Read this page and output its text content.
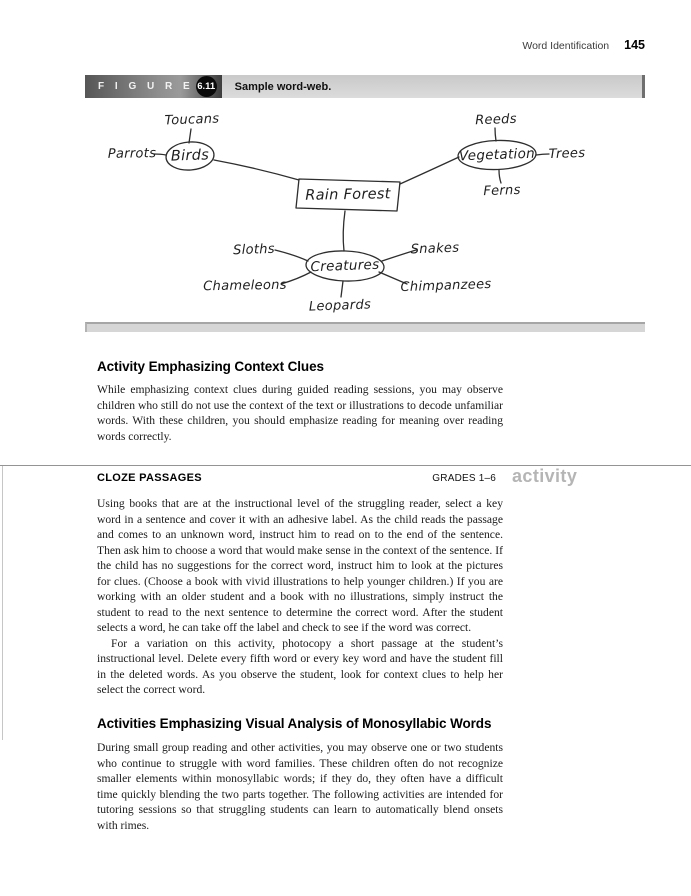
Word Identification 145
F I G U R E 6.11	Sample word-web.
Toucans
Parrots Birds
Rain Forest
Reeds
Vegetation Trees
Ferns
Sloths	Snakes
Creatures
Chameleons	Chimpanzees
Leopards
Activity Emphasizing Context Clues

While emphasizing context clues during guided reading sessions, you may observe children who still do not use the context of the text or illustrations to decode unfamiliar words. With these children, you should emphasize reading for meaning over reading words correctly.

CLOZE PASSAGES	GRADES 1–6 activity

Using books that are at the instructional level of the struggling reader, select a key word in a sentence and cover it with an adhesive label. As the child reads the passage and comes to an unknown word, instruct him to read on to the end of the sentence. Then ask him to choose a word that would make sense in the context of the sentence. If the child has no suggestions for the correct word, instruct him to look at the pictures for clues. (Choose a book with vivid illustrations to help younger children.) If you are working with an older student and a book with no illustrations, simply instruct the student to read to the next sentence to determine the correct word. After the student selects a word, he can take off the label and check to see if the word was correct.

For a variation on this activity, photocopy a short passage at the student’s instructional level. Delete every fifth word or every key word and have the student fill in the deleted words. As you observe the student, look for context clues to help her select the correct word.

Activities Emphasizing Visual Analysis of Monosyllabic Words

During small group reading and other activities, you may observe one or two students who continue to struggle with word families. These children often do not recognize smaller elements within monosyllabic words; if they do, they often have a difficult time quickly blending the two parts together. The following activities are intended for tutoring sessions so that struggling students can learn to automatically blend onsets with rimes.
